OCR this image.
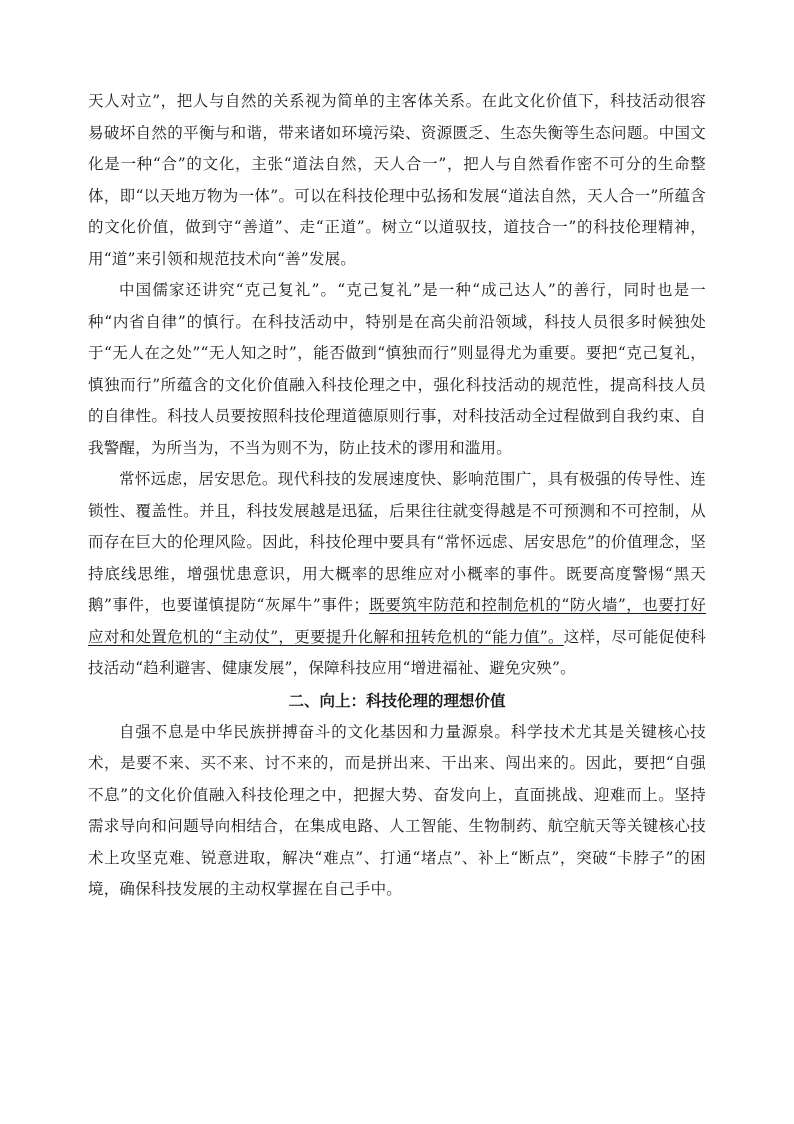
天人对立”，把人与自然的关系视为简单的主客体关系。在此文化价值下，科技活动很容易破坏自然的平衡与和谐，带来诸如环境污染、资源匮乏、生态失衡等生态问题。中国文化是一种“合”的文化，主张“道法自然，天人合一”，把人与自然看作密不可分的生命整体，即“以天地万物为一体”。可以在科技伦理中弘扬和发展“道法自然，天人合一”所蕴含的文化价值，做到守“善道”、走“正道”。树立“以道驭技，道技合一”的科技伦理精神，用“道”来引领和规范技术向“善”发展。

中国儒家还讲究“克己复礼”。“克己复礼”是一种“成己达人”的善行，同时也是一种“内省自律”的慎行。在科技活动中，特别是在高尖前沿领域，科技人员很多时候独处于“无人在之处”“无人知之时”，能否做到“慎独而行”则显得尤为重要。要把“克己复礼，慎独而行”所蕴含的文化价值融入科技伦理之中，强化科技活动的规范性，提高科技人员的自律性。科技人员要按照科技伦理道德原则行事，对科技活动全过程做到自我约束、自我警醒，为所当为，不当为则不为，防止技术的谬用和滥用。

常怀远虑，居安思危。现代科技的发展速度快、影响范围广，具有极强的传导性、连锁性、覆盖性。并且，科技发展越是迅猛，后果往往就变得越是不可预测和不可控制，从而存在巨大的伦理风险。因此，科技伦理中要具有“常怀远虑、居安思危”的价值理念，坚持底线思维，增强忧患意识，用大概率的思维应对小概率的事件。既要高度警惕“黑天鹅”事件，也要谨慎提防“灰犀牛”事件；既要筑牢防范和控制危机的“防火墙”，也要打好应对和处置危机的“主动仗”，更要提升化解和扭转危机的“能力值”。这样，尽可能促使科技活动“趋利避害、健康发展”，保障科技应用“增进福祉、避免灾殃”。

二、向上：科技伦理的理想价值

自强不息是中华民族拼搏奋斗的文化基因和力量源泉。科学技术尤其是关键核心技术，是要不来、买不来、讨不来的，而是拼出来、干出来、闯出来的。因此，要把“自强不息”的文化价值融入科技伦理之中，把握大势、奋发向上，直面挑战、迎难而上。坚持需求导向和问题导向相结合，在集成电路、人工智能、生物制药、航空航天等关键核心技术上攻坚克难、锐意进取，解决“难点”、打通“堵点”、补上“断点”，突破“卡脖子”的困境，确保科技发展的主动权掌握在自己手中。
